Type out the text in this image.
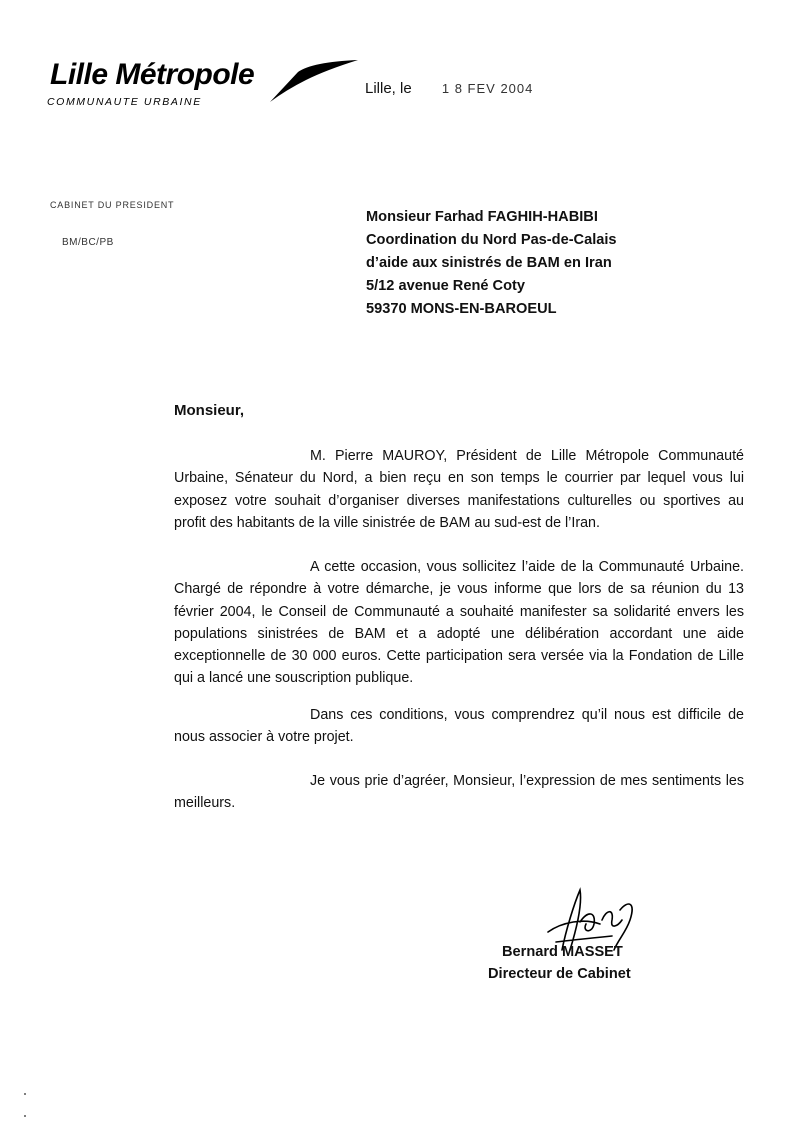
Lille Métropole
COMMUNAUTE URBAINE
Lille, le 1 8 FEV 2004
CABINET DU PRESIDENT
BM/BC/PB
Monsieur Farhad FAGHIH-HABIBI
Coordination du Nord Pas-de-Calais
d’aide aux sinistrés de BAM en Iran
5/12 avenue René Coty
59370 MONS-EN-BAROEUL
Monsieur,
M. Pierre MAUROY, Président de Lille Métropole Communauté Urbaine, Sénateur du Nord, a bien reçu en son temps le courrier par lequel vous lui exposez votre souhait d’organiser diverses manifestations culturelles ou sportives au profit des habitants de la ville sinistrée de BAM au sud-est de l’Iran.
A cette occasion, vous sollicitez l’aide de la Communauté Urbaine. Chargé de répondre à votre démarche, je vous informe que lors de sa réunion du 13 février 2004, le Conseil de Communauté a souhaité manifester sa solidarité envers les populations sinistrées de BAM et a adopté une délibération accordant une aide exceptionnelle de 30 000 euros. Cette participation sera versée via la Fondation de Lille qui a lancé une souscription publique.
Dans ces conditions, vous comprendrez qu’il nous est difficile de nous associer à votre projet.
Je vous prie d’agréer, Monsieur, l’expression de mes sentiments les meilleurs.
Bernard MASSET
Directeur de Cabinet
